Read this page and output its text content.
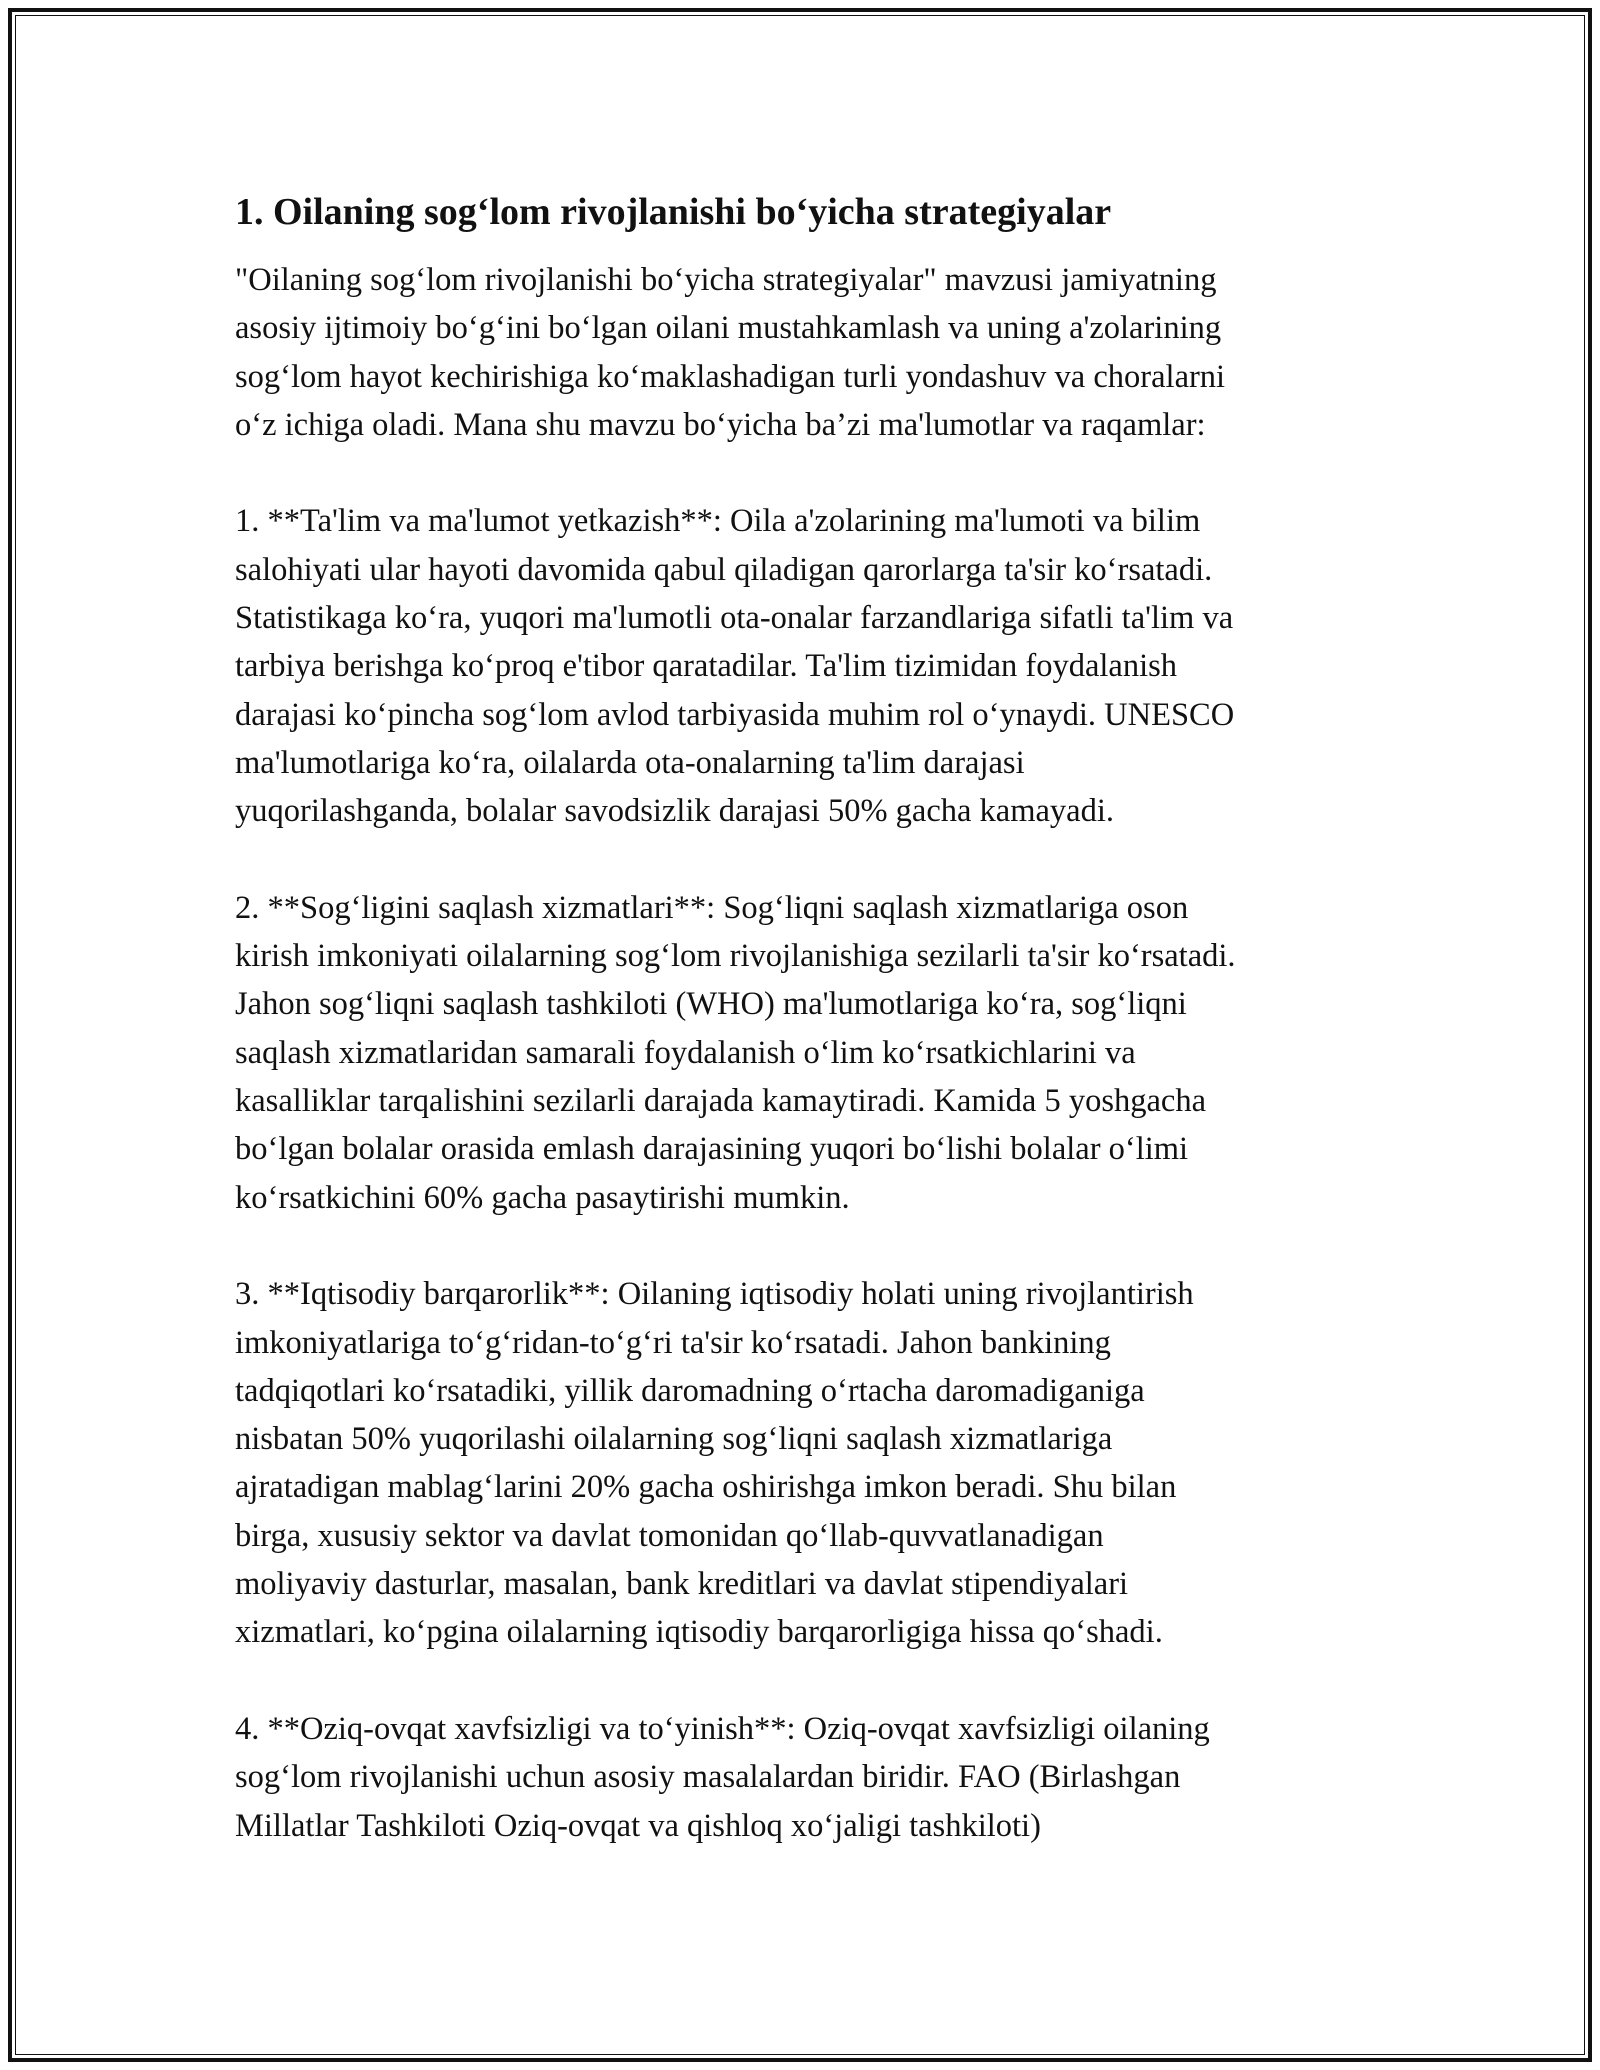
1. Oilaning sog‘lom rivojlanishi bo‘yicha strategiyalar

"Oilaning sog‘lom rivojlanishi bo‘yicha strategiyalar" mavzusi jamiyatning
asosiy ijtimoiy bo‘g‘ini bo‘lgan oilani mustahkamlash va uning a'zolarining
sog‘lom hayot kechirishiga ko‘maklashadigan turli yondashuv va choralarni
o‘z ichiga oladi. Mana shu mavzu bo‘yicha ba’zi ma'lumotlar va raqamlar:

1. **Ta'lim va ma'lumot yetkazish**: Oila a'zolarining ma'lumoti va bilim
salohiyati ular hayoti davomida qabul qiladigan qarorlarga ta'sir ko‘rsatadi.
Statistikaga ko‘ra, yuqori ma'lumotli ota-onalar farzandlariga sifatli ta'lim va
tarbiya berishga ko‘proq e'tibor qaratadilar. Ta'lim tizimidan foydalanish
darajasi ko‘pincha sog‘lom avlod tarbiyasida muhim rol o‘ynaydi. UNESCO
ma'lumotlariga ko‘ra, oilalarda ota-onalarning ta'lim darajasi
yuqorilashganda, bolalar savodsizlik darajasi 50% gacha kamayadi.

2. **Sog‘ligini saqlash xizmatlari**: Sog‘liqni saqlash xizmatlariga oson
kirish imkoniyati oilalarning sog‘lom rivojlanishiga sezilarli ta'sir ko‘rsatadi.
Jahon sog‘liqni saqlash tashkiloti (WHO) ma'lumotlariga ko‘ra, sog‘liqni
saqlash xizmatlaridan samarali foydalanish o‘lim ko‘rsatkichlarini va
kasalliklar tarqalishini sezilarli darajada kamaytiradi. Kamida 5 yoshgacha
bo‘lgan bolalar orasida emlash darajasining yuqori bo‘lishi bolalar o‘limi
ko‘rsatkichini 60% gacha pasaytirishi mumkin.

3. **Iqtisodiy barqarorlik**: Oilaning iqtisodiy holati uning rivojlantirish
imkoniyatlariga to‘g‘ridan-to‘g‘ri ta'sir ko‘rsatadi. Jahon bankining
tadqiqotlari ko‘rsatadiki, yillik daromadning o‘rtacha daromadiganiga
nisbatan 50% yuqorilashi oilalarning sog‘liqni saqlash xizmatlariga
ajratadigan mablag‘larini 20% gacha oshirishga imkon beradi. Shu bilan
birga, xususiy sektor va davlat tomonidan qo‘llab-quvvatlanadigan
moliyaviy dasturlar, masalan, bank kreditlari va davlat stipendiyalari
xizmatlari, ko‘pgina oilalarning iqtisodiy barqarorligiga hissa qo‘shadi.

4. **Oziq-ovqat xavfsizligi va to‘yinish**: Oziq-ovqat xavfsizligi oilaning
sog‘lom rivojlanishi uchun asosiy masalalardan biridir. FAO (Birlashgan
Millatlar Tashkiloti Oziq-ovqat va qishloq xo‘jaligi tashkiloti)
